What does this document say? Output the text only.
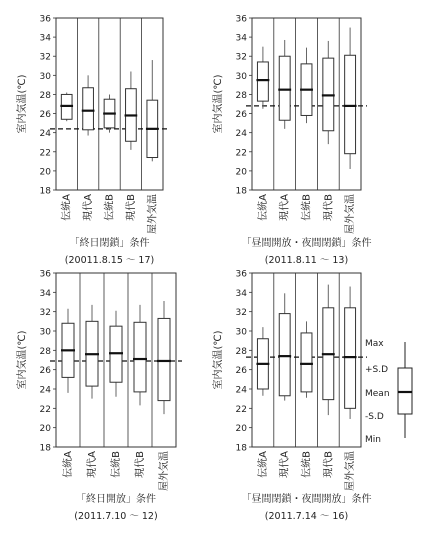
18
20
22
24
26
28
30
32
34
36
室内気温(℃)
伝統A 現代A 伝統B 現代B 屋外気温
「終日閉鎖」条件
(20011.8.15 ～ 17)
18
20
22
24
26
28
30
32
34
36
室内気温(℃)
伝統A 現代A 伝統B 現代B 屋外気温
「昼間開放・夜間閉鎖」条件
(2011.8.11 ～ 13)
18
20
22
24
26
28
30
32
34
36
室内気温(℃)
伝統A 現代A 伝統B 現代B 屋外気温
「終日開放」条件
(2011.7.10 ～ 12)
18
20
22
24
26
28
30
32
34
36
室内気温(℃)
伝統A 現代A 伝統B 現代B 屋外気温
「昼間閉鎖・夜間開放」条件
(2011.7.14 ～ 16)
Max
+S.D
Mean
-S.D
Min
